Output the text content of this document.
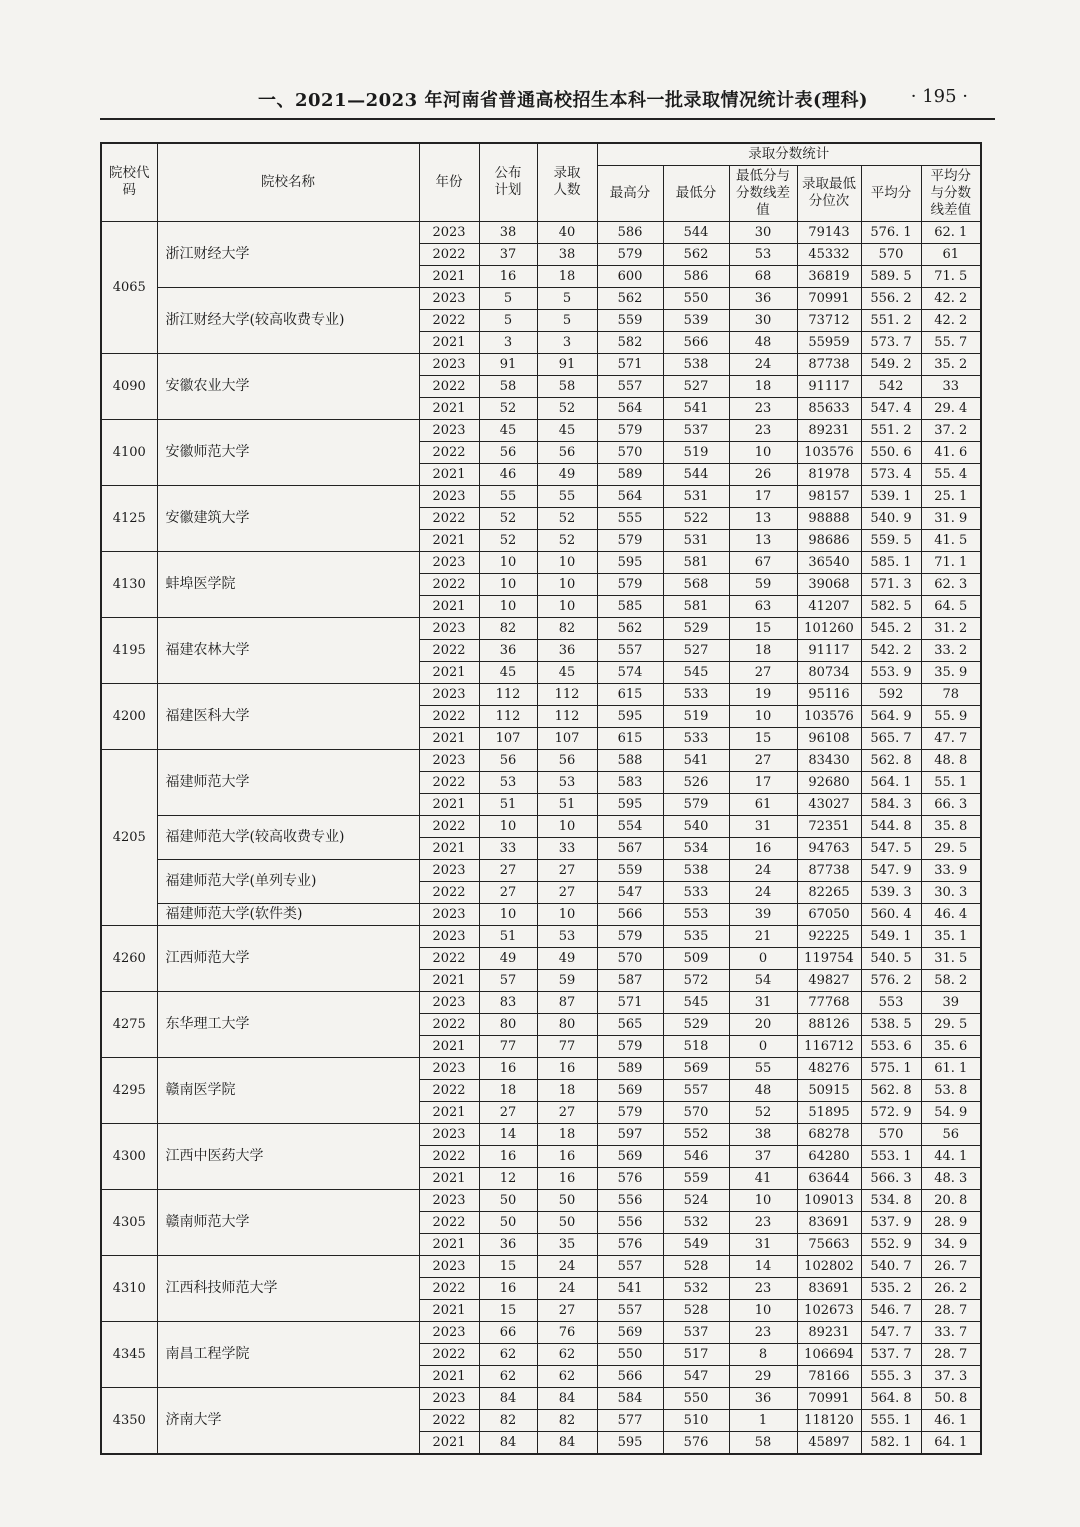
一、2021—2023 年河南省普通高校招生本科一批录取情况统计表(理科) · 195 ·
院校代码	院校名称	年份	公布计划	录取人数	录取分数统计					
					最高分	最低分	最低分与分数线差值	录取最低分位次	平均分	平均分与分数线差值
4065	浙江财经大学	2023	38	40	586	544	30	79143	576. 1	62. 1
		2022	37	38	579	562	53	45332	570	61
		2021	16	18	600	586	68	36819	589. 5	71. 5
	浙江财经大学(较高收费专业)	2023	5	5	562	550	36	70991	556. 2	42. 2
		2022	5	5	559	539	30	73712	551. 2	42. 2
		2021	3	3	582	566	48	55959	573. 7	55. 7
4090	安徽农业大学	2023	91	91	571	538	24	87738	549. 2	35. 2
		2022	58	58	557	527	18	91117	542	33
		2021	52	52	564	541	23	85633	547. 4	29. 4
4100	安徽师范大学	2023	45	45	579	537	23	89231	551. 2	37. 2
		2022	56	56	570	519	10	103576	550. 6	41. 6
		2021	46	49	589	544	26	81978	573. 4	55. 4
4125	安徽建筑大学	2023	55	55	564	531	17	98157	539. 1	25. 1
		2022	52	52	555	522	13	98888	540. 9	31. 9
		2021	52	52	579	531	13	98686	559. 5	41. 5
4130	蚌埠医学院	2023	10	10	595	581	67	36540	585. 1	71. 1
		2022	10	10	579	568	59	39068	571. 3	62. 3
		2021	10	10	585	581	63	41207	582. 5	64. 5
4195	福建农林大学	2023	82	82	562	529	15	101260	545. 2	31. 2
		2022	36	36	557	527	18	91117	542. 2	33. 2
		2021	45	45	574	545	27	80734	553. 9	35. 9
4200	福建医科大学	2023	112	112	615	533	19	95116	592	78
		2022	112	112	595	519	10	103576	564. 9	55. 9
		2021	107	107	615	533	15	96108	565. 7	47. 7
4205	福建师范大学	2023	56	56	588	541	27	83430	562. 8	48. 8
		2022	53	53	583	526	17	92680	564. 1	55. 1
		2021	51	51	595	579	61	43027	584. 3	66. 3
	福建师范大学(较高收费专业)	2022	10	10	554	540	31	72351	544. 8	35. 8
		2021	33	33	567	534	16	94763	547. 5	29. 5
	福建师范大学(单列专业)	2023	27	27	559	538	24	87738	547. 9	33. 9
		2022	27	27	547	533	24	82265	539. 3	30. 3
	福建师范大学(软件类)	2023	10	10	566	553	39	67050	560. 4	46. 4
4260	江西师范大学	2023	51	53	579	535	21	92225	549. 1	35. 1
		2022	49	49	570	509	0	119754	540. 5	31. 5
		2021	57	59	587	572	54	49827	576. 2	58. 2
4275	东华理工大学	2023	83	87	571	545	31	77768	553	39
		2022	80	80	565	529	20	88126	538. 5	29. 5
		2021	77	77	579	518	0	116712	553. 6	35. 6
4295	赣南医学院	2023	16	16	589	569	55	48276	575. 1	61. 1
		2022	18	18	569	557	48	50915	562. 8	53. 8
		2021	27	27	579	570	52	51895	572. 9	54. 9
4300	江西中医药大学	2023	14	18	597	552	38	68278	570	56
		2022	16	16	569	546	37	64280	553. 1	44. 1
		2021	12	16	576	559	41	63644	566. 3	48. 3
4305	赣南师范大学	2023	50	50	556	524	10	109013	534. 8	20. 8
		2022	50	50	556	532	23	83691	537. 9	28. 9
		2021	36	35	576	549	31	75663	552. 9	34. 9
4310	江西科技师范大学	2023	15	24	557	528	14	102802	540. 7	26. 7
		2022	16	24	541	532	23	83691	535. 2	26. 2
		2021	15	27	557	528	10	102673	546. 7	28. 7
4345	南昌工程学院	2023	66	76	569	537	23	89231	547. 7	33. 7
		2022	62	62	550	517	8	106694	537. 7	28. 7
		2021	62	62	566	547	29	78166	555. 3	37. 3
4350	济南大学	2023	84	84	584	550	36	70991	564. 8	50. 8
		2022	82	82	577	510	1	118120	555. 1	46. 1
		2021	84	84	595	576	58	45897	582. 1	64. 1
